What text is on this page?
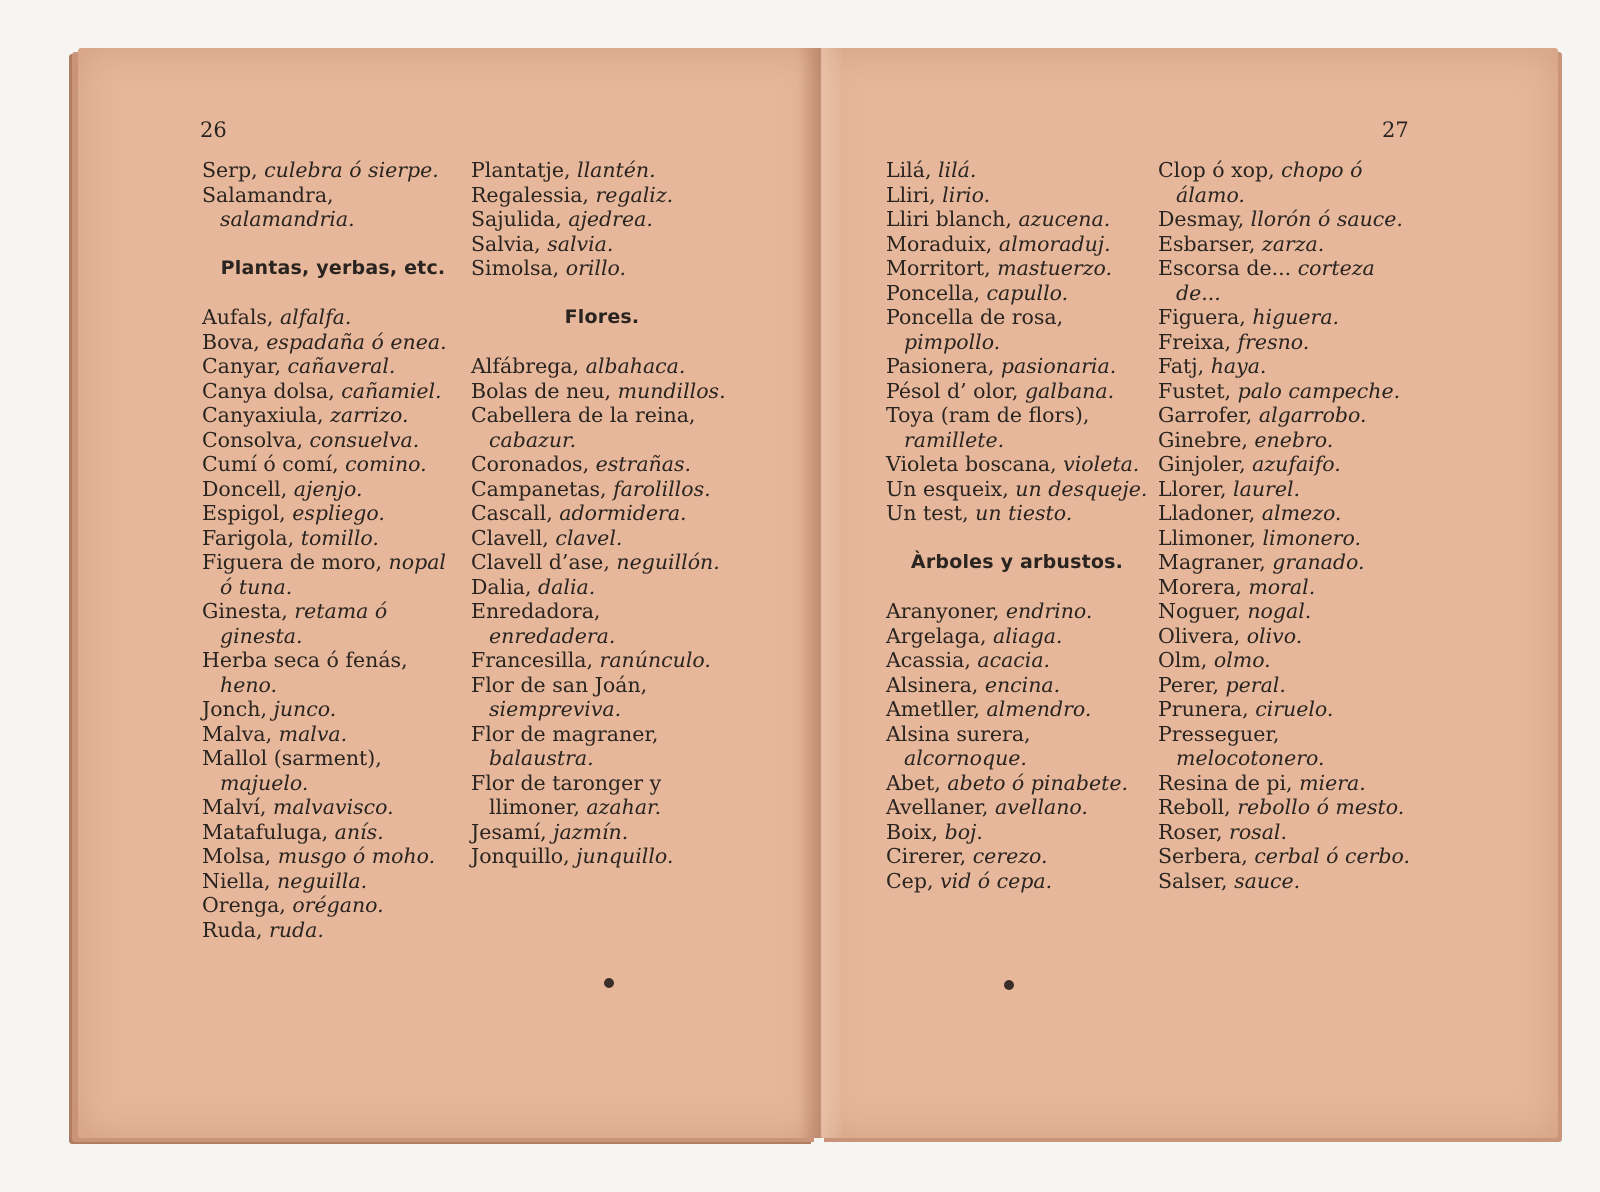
26

Serp, culebra ó sierpe.

Salamandra, salamandria.

Plantas, yerbas, etc.

Aufals, alfalfa.

Bova, espadaña ó enea.

Canyar, cañaveral.

Canya dolsa, cañamiel.

Canyaxiula, zarrizo.

Consolva, consuelva.

Cumí ó comí, comino.

Doncell, ajenjo.

Espigol, espliego.

Farigola, tomillo.

Figuera de moro, nopal ó tuna.

Ginesta, retama ó ginesta.

Herba seca ó fenás, heno.

Jonch, junco.

Malva, malva.

Mallol (sarment), majuelo.

Malví, malvavisco.

Matafuluga, anís.

Molsa, musgo ó moho.

Niella, neguilla.

Orenga, orégano.

Ruda, ruda.

Plantatje, llantén.

Regalessia, regaliz.

Sajulida, ajedrea.

Salvia, salvia.

Simolsa, orillo.

Flores.

Alfábrega, albahaca.

Bolas de neu, mundillos.

Cabellera de la reina, cabazur.

Coronados, estrañas.

Campanetas, farolillos.

Cascall, adormidera.

Clavell, clavel.

Clavell d’ase, neguillón.

Dalia, dalia.

Enredadora, enredadera.

Francesilla, ranúnculo.

Flor de san Joán, siempreviva.

Flor de magraner, balaustra.

Flor de taronger y llimoner, azahar.

Jesamí, jazmín.

Jonquillo, junquillo.

27

Lilá, lilá.

Lliri, lirio.

Lliri blanch, azucena.

Moraduix, almoraduj.

Morritort, mastuerzo.

Poncella, capullo.

Poncella de rosa, pimpollo.

Pasionera, pasionaria.

Pésol d’ olor, galbana.

Toya (ram de flors), ramillete.

Violeta boscana, violeta.

Un esqueix, un desqueje.

Un test, un tiesto.

Àrboles y arbustos.

Aranyoner, endrino.

Argelaga, aliaga.

Acassia, acacia.

Alsinera, encina.

Ametller, almendro.

Alsina surera, alcornoque.

Abet, abeto ó pinabete.

Avellaner, avellano.

Boix, boj.

Cirerer, cerezo.

Cep, vid ó cepa.

Clop ó xop, chopo ó álamo.

Desmay, llorón ó sauce.

Esbarser, zarza.

Escorsa de... corteza de...

Figuera, higuera.

Freixa, fresno.

Fatj, haya.

Fustet, palo campeche.

Garrofer, algarrobo.

Ginebre, enebro.

Ginjoler, azufaifo.

Llorer, laurel.

Lladoner, almezo.

Llimoner, limonero.

Magraner, granado.

Morera, moral.

Noguer, nogal.

Olivera, olivo.

Olm, olmo.

Perer, peral.

Prunera, ciruelo.

Presseguer, melocotonero.

Resina de pi, miera.

Reboll, rebollo ó mesto.

Roser, rosal.

Serbera, cerbal ó cerbo.

Salser, sauce.
